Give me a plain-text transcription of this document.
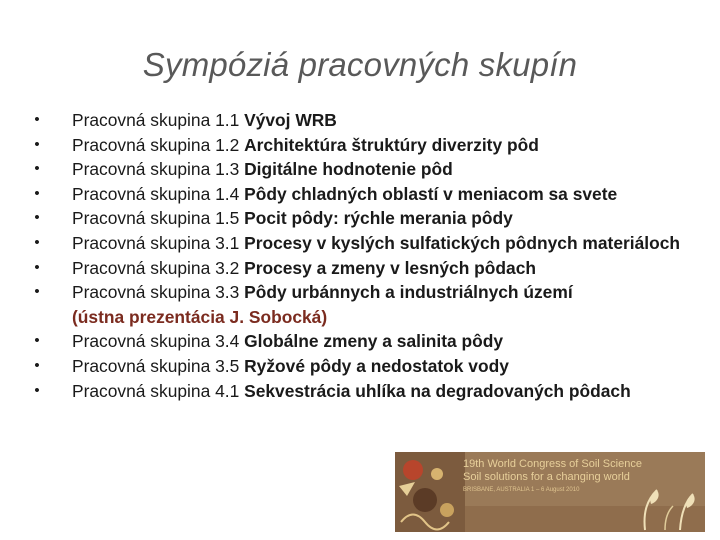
Sympóziá pracovných skupín
• Pracovná skupina 1.1 Vývoj WRB
• Pracovná skupina 1.2 Architektúra štruktúry diverzity pôd
• Pracovná skupina 1.3 Digitálne hodnotenie pôd
• Pracovná skupina 1.4 Pôdy chladných oblastí v meniacom sa svete
• Pracovná skupina 1.5 Pocit pôdy: rýchle merania pôdy
• Pracovná skupina 3.1 Procesy v kyslých sulfatických pôdnych materiáloch
• Pracovná skupina 3.2 Procesy a zmeny v lesných pôdach
• Pracovná skupina 3.3 Pôdy urbánnych a industriálnych území
(ústna prezentácia J. Sobocká)
• Pracovná skupina 3.4 Globálne zmeny a salinita pôdy
• Pracovná skupina 3.5 Ryžové pôdy a nedostatok vody
• Pracovná skupina 4.1 Sekvestrácia uhlíka na degradovaných pôdach
19th World Congress of Soil Science
Soil solutions for a changing world
BRISBANE, AUSTRALIA 1 – 6 August 2010
